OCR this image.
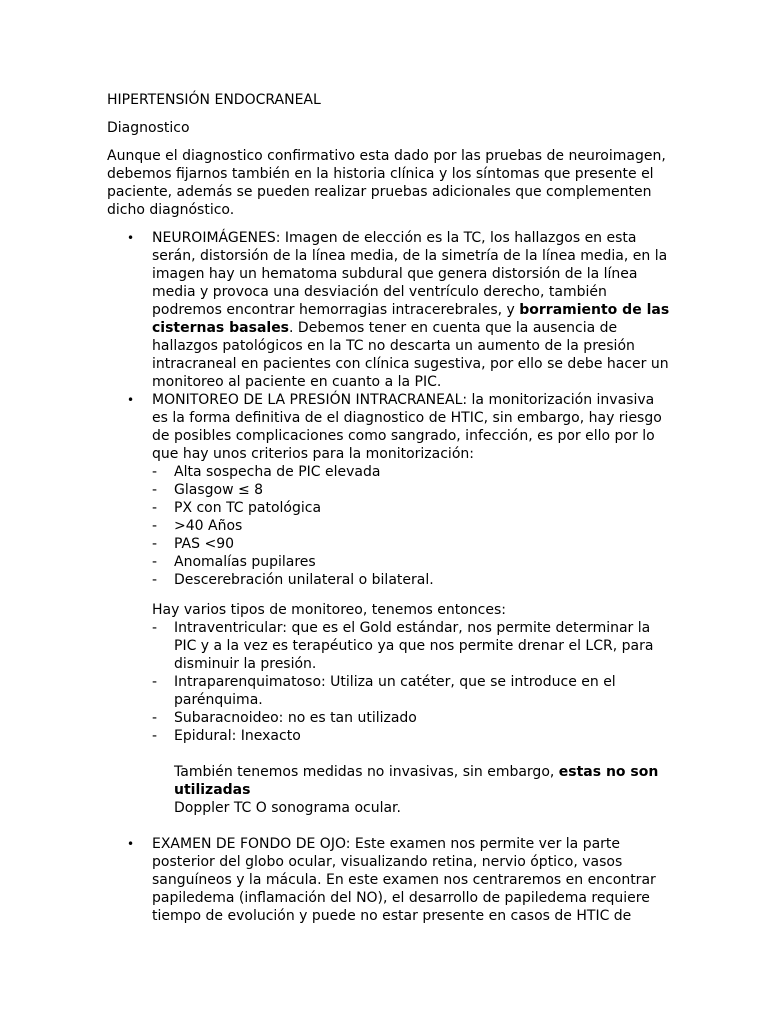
HIPERTENSIÓN ENDOCRANEAL

Diagnostico

Aunque el diagnostico confirmativo esta dado por las pruebas de neuroimagen, debemos fijarnos también en la historia clínica y los síntomas que presente el paciente, además se pueden realizar pruebas adicionales que complementen dicho diagnóstico.

• NEUROIMÁGENES: Imagen de elección es la TC, los hallazgos en esta serán, distorsión de la línea media, de la simetría de la línea media, en la imagen hay un hematoma subdural que genera distorsión de la línea media y provoca una desviación del ventrículo derecho, también podremos encontrar hemorragias intracerebrales, y borramiento de las cisternas basales. Debemos tener en cuenta que la ausencia de hallazgos patológicos en la TC no descarta un aumento de la presión intracraneal en pacientes con clínica sugestiva, por ello se debe hacer un monitoreo al paciente en cuanto a la PIC.
• MONITOREO DE LA PRESIÓN INTRACRANEAL: la monitorización invasiva es la forma definitiva de el diagnostico de HTIC, sin embargo, hay riesgo de posibles complicaciones como sangrado, infección, es por ello por lo que hay unos criterios para la monitorización:
- Alta sospecha de PIC elevada
- Glasgow ≤ 8
- PX con TC patológica
- >40 Años
- PAS <90
- Anomalías pupilares
- Descerebración unilateral o bilateral.
Hay varios tipos de monitoreo, tenemos entonces:
- Intraventricular: que es el Gold estándar, nos permite determinar la PIC y a la vez es terapéutico ya que nos permite drenar el LCR, para disminuir la presión.
- Intraparenquimatoso: Utiliza un catéter, que se introduce en el parénquima.
- Subaracnoideo: no es tan utilizado
- Epidural: Inexacto
También tenemos medidas no invasivas, sin embargo, estas no son utilizadas
Doppler TC O sonograma ocular.
• EXAMEN DE FONDO DE OJO: Este examen nos permite ver la parte posterior del globo ocular, visualizando retina, nervio óptico, vasos sanguíneos y la mácula. En este examen nos centraremos en encontrar papiledema (inflamación del NO), el desarrollo de papiledema requiere tiempo de evolución y puede no estar presente en casos de HTIC de
